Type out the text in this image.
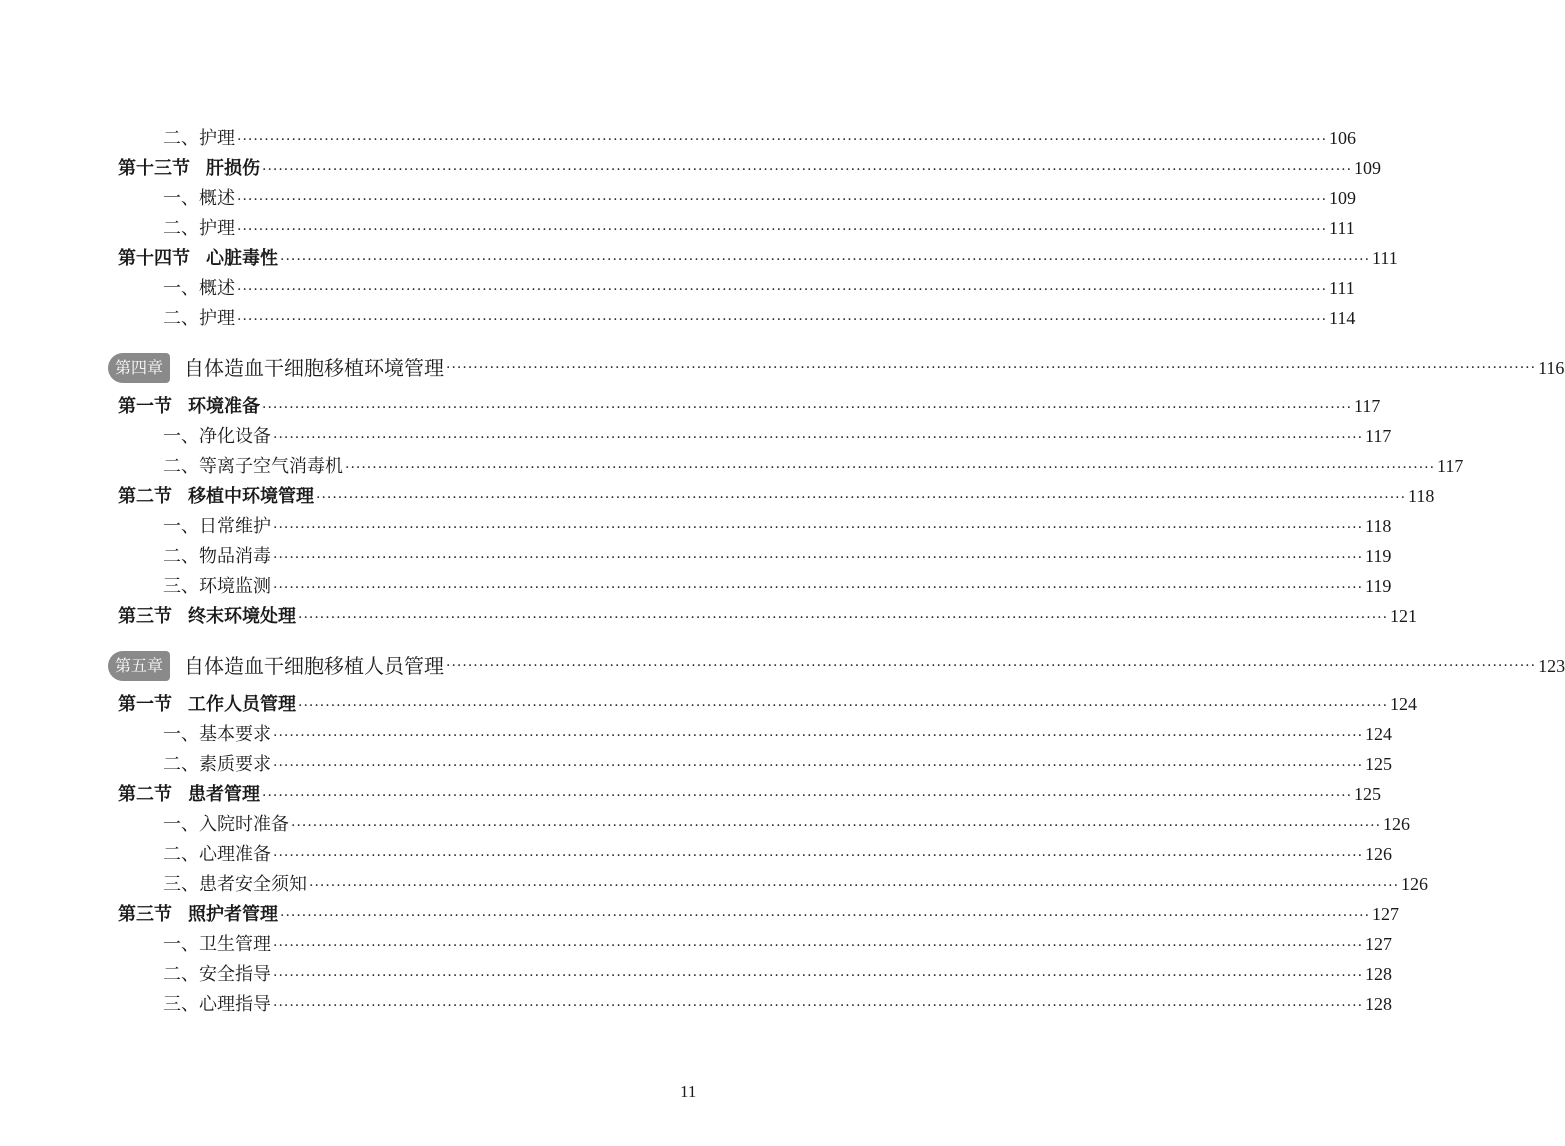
二、护理 ········································································································································································································ 106
第十三节 肝损伤 ········································································································································································································ 109
一、概述 ········································································································································································································ 109
二、护理 ········································································································································································································ 111
第十四节 心脏毒性 ········································································································································································································ 111
一、概述 ········································································································································································································ 111
二、护理 ········································································································································································································ 114
第四章	自体造血干细胞移植环境管理 ········································································································································································································ 116
第一节 环境准备 ········································································································································································································ 117
一、净化设备 ········································································································································································································ 117
二、等离子空气消毒机 ········································································································································································································ 117
第二节 移植中环境管理 ········································································································································································································ 118
一、日常维护 ········································································································································································································ 118
二、物品消毒 ········································································································································································································ 119
三、环境监测 ········································································································································································································ 119
第三节 终末环境处理 ········································································································································································································ 121
第五章	自体造血干细胞移植人员管理 ········································································································································································································ 123
第一节 工作人员管理 ········································································································································································································ 124
一、基本要求 ········································································································································································································ 124
二、素质要求 ········································································································································································································ 125
第二节 患者管理 ········································································································································································································ 125
一、入院时准备 ········································································································································································································ 126
二、心理准备 ········································································································································································································ 126
三、患者安全须知 ········································································································································································································ 126
第三节 照护者管理 ········································································································································································································ 127
一、卫生管理 ········································································································································································································ 127
二、安全指导 ········································································································································································································ 128
三、心理指导 ········································································································································································································ 128
11
